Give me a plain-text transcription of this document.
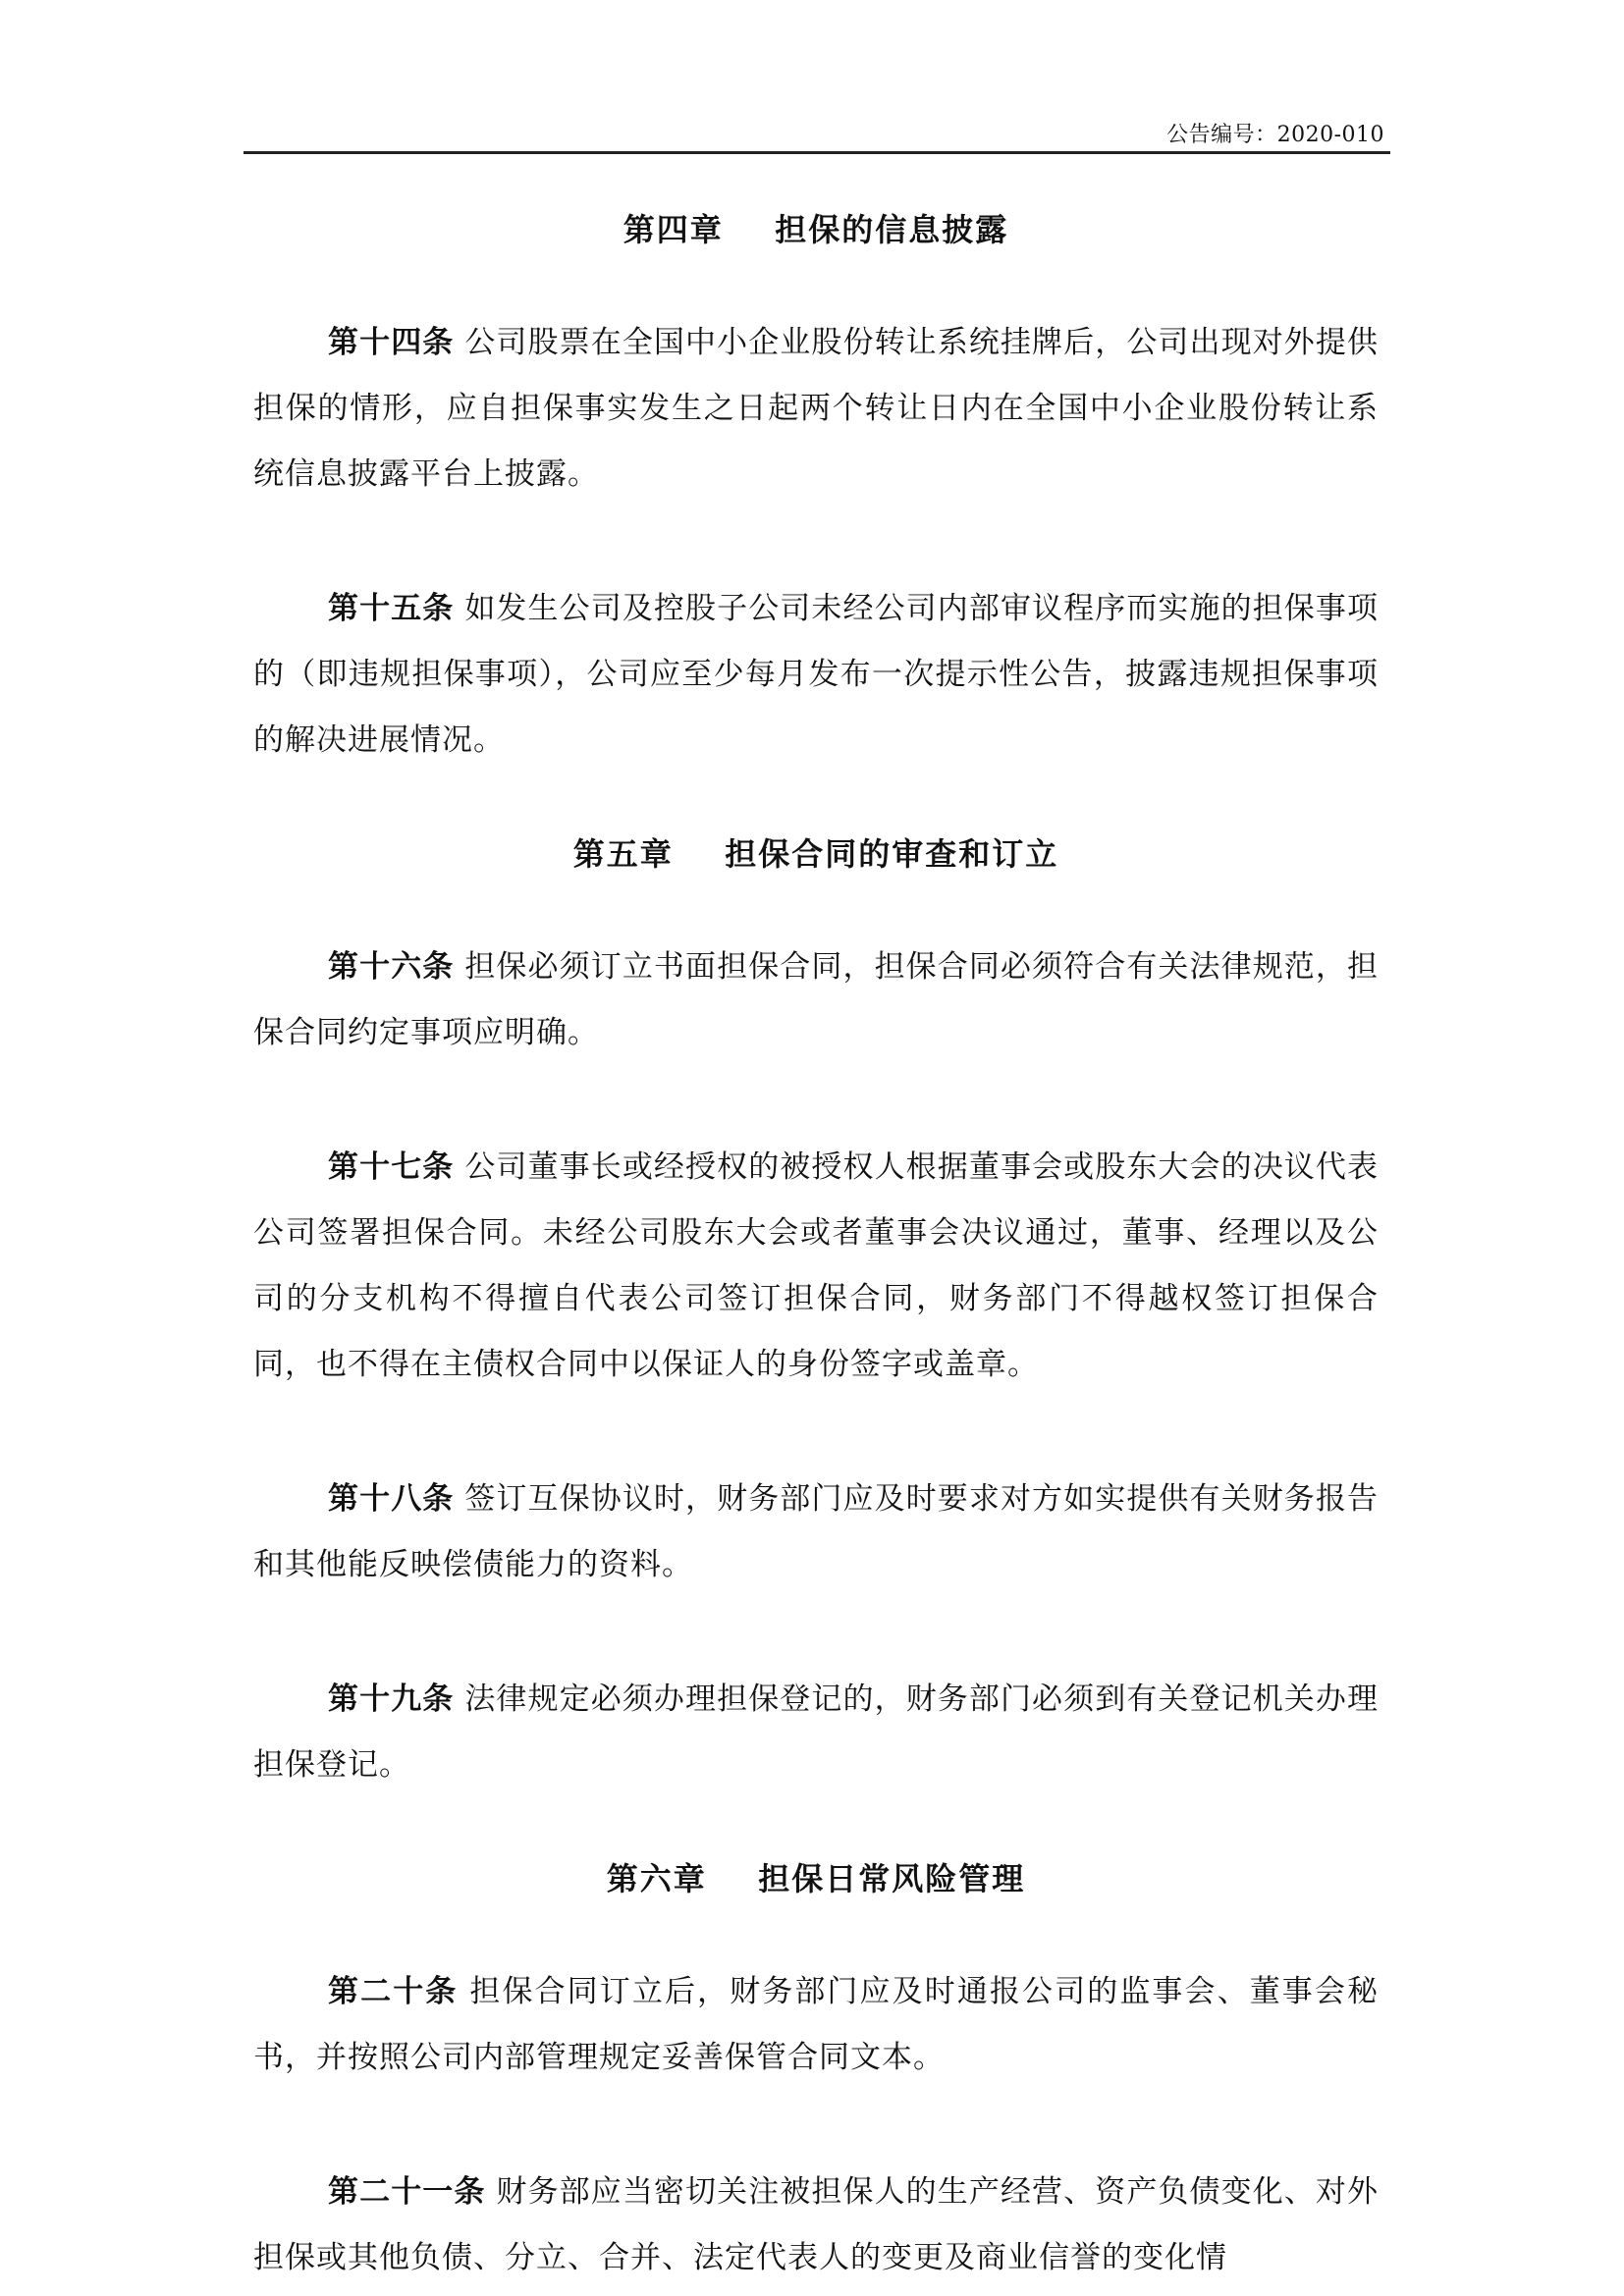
公告编号：2020-010

第四章    担保的信息披露

第十四条 公司股票在全国中小企业股份转让系统挂牌后，公司出现对外提供担保的情形，应自担保事实发生之日起两个转让日内在全国中小企业股份转让系统信息披露平台上披露。

第十五条 如发生公司及控股子公司未经公司内部审议程序而实施的担保事项的（即违规担保事项），公司应至少每月发布一次提示性公告，披露违规担保事项的解决进展情况。

第五章    担保合同的审查和订立

第十六条 担保必须订立书面担保合同，担保合同必须符合有关法律规范，担保合同约定事项应明确。

第十七条 公司董事长或经授权的被授权人根据董事会或股东大会的决议代表公司签署担保合同。未经公司股东大会或者董事会决议通过，董事、经理以及公司的分支机构不得擅自代表公司签订担保合同，财务部门不得越权签订担保合同，也不得在主债权合同中以保证人的身份签字或盖章。

第十八条 签订互保协议时，财务部门应及时要求对方如实提供有关财务报告和其他能反映偿债能力的资料。

第十九条 法律规定必须办理担保登记的，财务部门必须到有关登记机关办理担保登记。

第六章    担保日常风险管理

第二十条 担保合同订立后，财务部门应及时通报公司的监事会、董事会秘书，并按照公司内部管理规定妥善保管合同文本。

第二十一条 财务部应当密切关注被担保人的生产经营、资产负债变化、对外担保或其他负债、分立、合并、法定代表人的变更及商业信誉的变化情
